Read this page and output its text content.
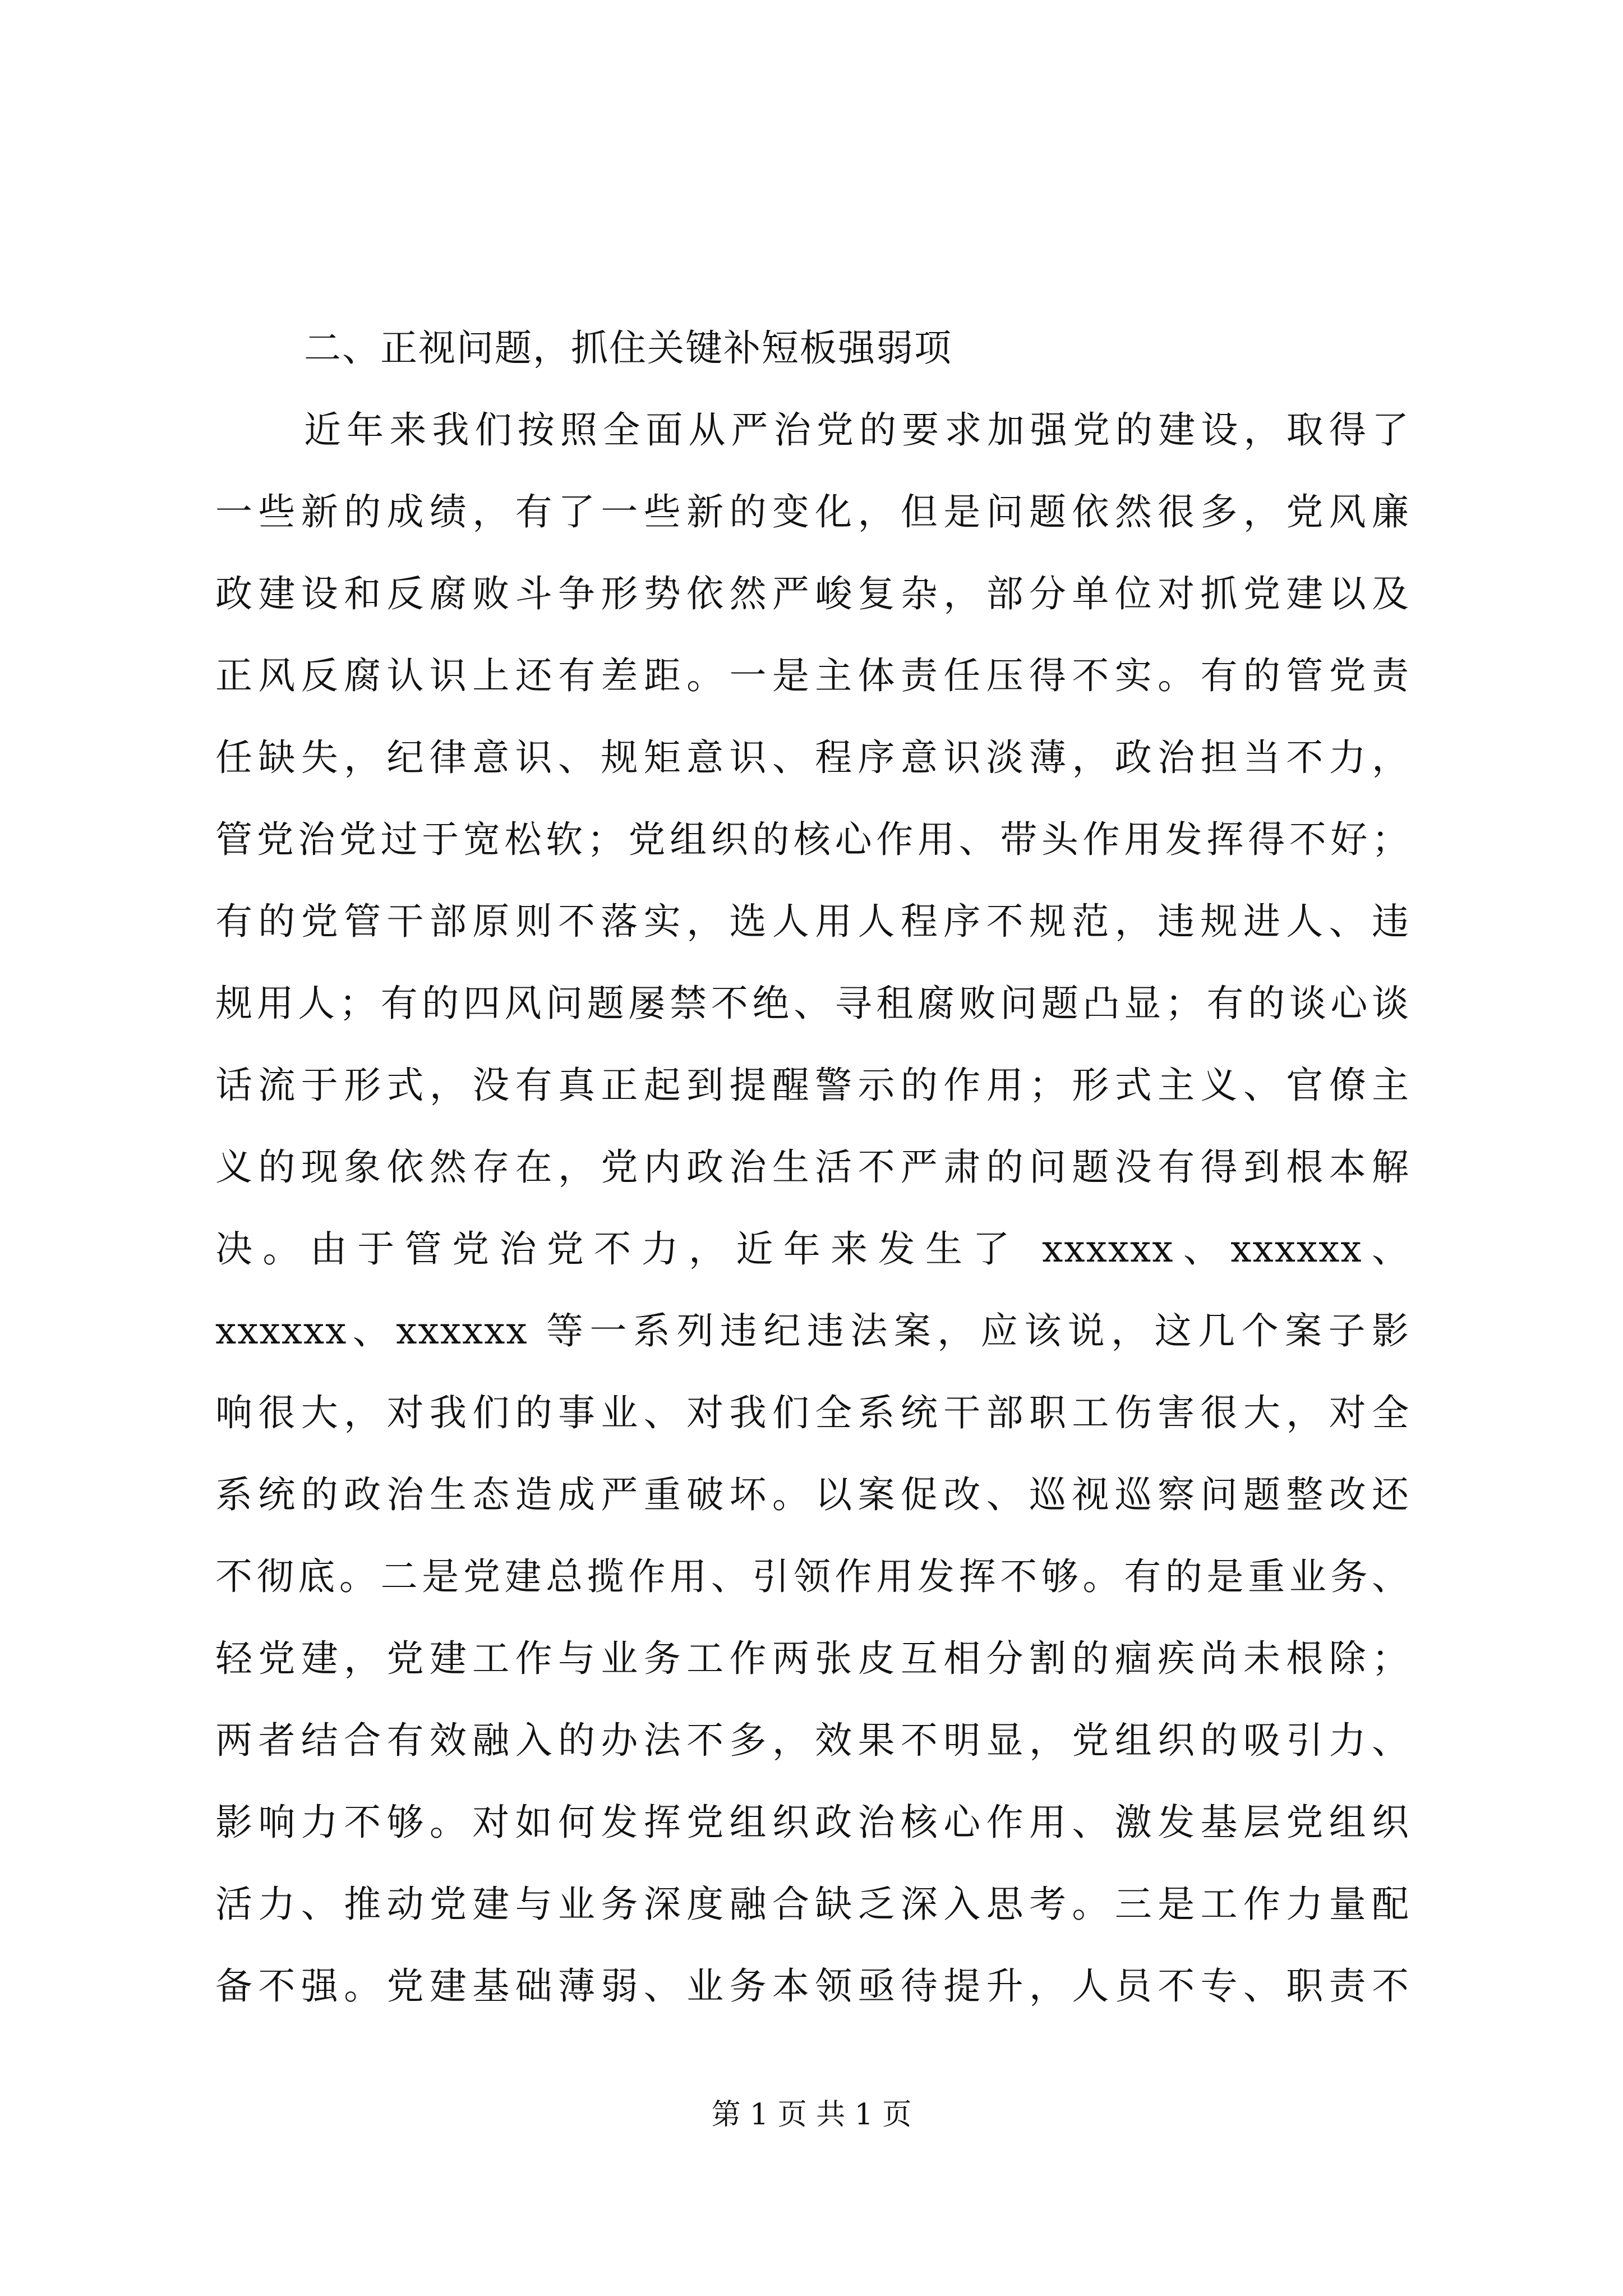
二、正视问题，抓住关键补短板强弱项
近年来我们按照全面从严治党的要求加强党的建设，取得了
一些新的成绩，有了一些新的变化，但是问题依然很多，党风廉
政建设和反腐败斗争形势依然严峻复杂，部分单位对抓党建以及
正风反腐认识上还有差距。一是主体责任压得不实。有的管党责
任缺失，纪律意识、规矩意识、程序意识淡薄，政治担当不力，
管党治党过于宽松软；党组织的核心作用、带头作用发挥得不好；
有的党管干部原则不落实，选人用人程序不规范，违规进人、违
规用人；有的四风问题屡禁不绝、寻租腐败问题凸显；有的谈心谈
话流于形式，没有真正起到提醒警示的作用；形式主义、官僚主
义的现象依然存在，党内政治生活不严肃的问题没有得到根本解
决。由于管党治党不力，近年来发生了 xxxxxx、xxxxxx、
xxxxxx、xxxxxx 等一系列违纪违法案，应该说，这几个案子影
响很大，对我们的事业、对我们全系统干部职工伤害很大，对全
系统的政治生态造成严重破坏。以案促改、巡视巡察问题整改还
不彻底。二是党建总揽作用、引领作用发挥不够。有的是重业务、
轻党建，党建工作与业务工作两张皮互相分割的痼疾尚未根除；
两者结合有效融入的办法不多，效果不明显，党组织的吸引力、
影响力不够。对如何发挥党组织政治核心作用、激发基层党组织
活力、推动党建与业务深度融合缺乏深入思考。三是工作力量配
备不强。党建基础薄弱、业务本领亟待提升，人员不专、职责不
第 1 页 共 1 页
